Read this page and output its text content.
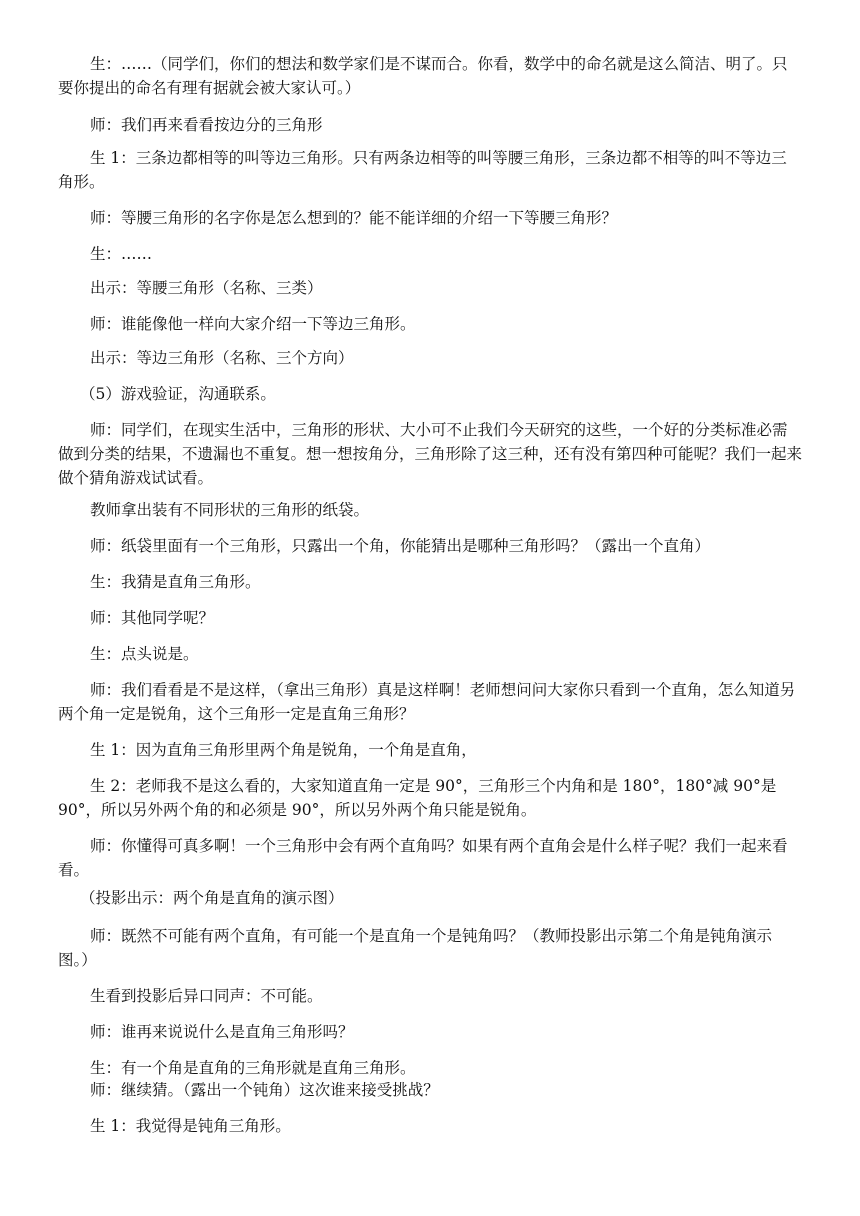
生：……（同学们，你们的想法和数学家们是不谋而合。你看，数学中的命名就是这么简洁、明了。只要你提出的命名有理有据就会被大家认可。）

师：我们再来看看按边分的三角形

生 1：三条边都相等的叫等边三角形。只有两条边相等的叫等腰三角形，三条边都不相等的叫不等边三角形。

师：等腰三角形的名字你是怎么想到的？能不能详细的介绍一下等腰三角形？

生：……

出示：等腰三角形（名称、三类）

师：谁能像他一样向大家介绍一下等边三角形。

出示：等边三角形（名称、三个方向）

（5）游戏验证，沟通联系。

师：同学们，在现实生活中，三角形的形状、大小可不止我们今天研究的这些，一个好的分类标准必需做到分类的结果，不遗漏也不重复。想一想按角分，三角形除了这三种，还有没有第四种可能呢？我们一起来做个猜角游戏试试看。

教师拿出装有不同形状的三角形的纸袋。

师：纸袋里面有一个三角形，只露出一个角，你能猜出是哪种三角形吗？（露出一个直角）

生：我猜是直角三角形。

师：其他同学呢？

生：点头说是。

师：我们看看是不是这样，（拿出三角形）真是这样啊！老师想问问大家你只看到一个直角，怎么知道另两个角一定是锐角，这个三角形一定是直角三角形？

生 1：因为直角三角形里两个角是锐角，一个角是直角，

生 2：老师我不是这么看的，大家知道直角一定是 90°，三角形三个内角和是 180°，180°减 90°是 90°，所以另外两个角的和必须是 90°，所以另外两个角只能是锐角。

师：你懂得可真多啊！一个三角形中会有两个直角吗？如果有两个直角会是什么样子呢？我们一起来看看。

（投影出示：两个角是直角的演示图）

师：既然不可能有两个直角，有可能一个是直角一个是钝角吗？（教师投影出示第二个角是钝角演示图。）

生看到投影后异口同声：不可能。

师：谁再来说说什么是直角三角形吗？

生：有一个角是直角的三角形就是直角三角形。

师：继续猜。（露出一个钝角）这次谁来接受挑战？

生 1：我觉得是钝角三角形。
